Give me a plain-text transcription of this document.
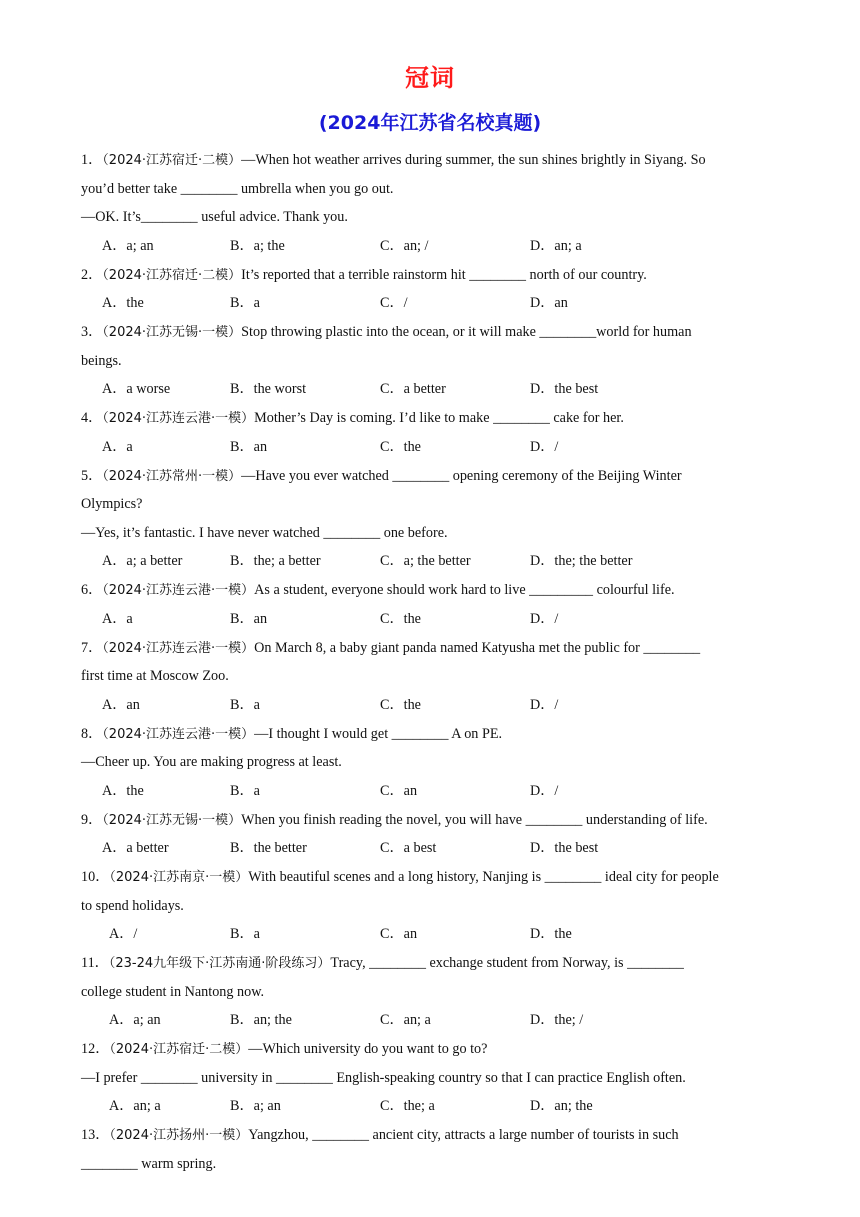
冠词
(2024年江苏省名校真题)
1．（2024·江苏宿迁·二模）—When hot weather arrives during summer, the sun shines brightly in Siyang. So
you’d better take ________ umbrella when you go out.
—OK. It’s________ useful advice. Thank you.
A．a; an	B．a; the	C．an; /	D．an; a
2．（2024·江苏宿迁·二模）It’s reported that a terrible rainstorm hit ________ north of our country.
A．the	B．a	C．/	D．an
3．（2024·江苏无锡·一模）Stop throwing plastic into the ocean, or it will make ________world for human
beings.
A．a worse	B．the worst	C．a better	D．the best
4．（2024·江苏连云港·一模）Mother’s Day is coming. I’d like to make ________ cake for her.
A．a	B．an	C．the	D．/
5．（2024·江苏常州·一模）—Have you ever watched ________ opening ceremony of the Beijing Winter
Olympics?
—Yes, it’s fantastic. I have never watched ________ one before.
A．a; a better	B．the; a better	C．a; the better	D．the; the better
6．（2024·江苏连云港·一模）As a student, everyone should work hard to live _________ colourful life.
A．a	B．an	C．the	D．/
7．（2024·江苏连云港·一模）On March 8, a baby giant panda named Katyusha met the public for ________
first time at Moscow Zoo.
A．an	B．a	C．the	D．/
8．（2024·江苏连云港·一模）—I thought I would get ________ A on PE.
—Cheer up. You are making progress at least.
A．the	B．a	C．an	D．/
9．（2024·江苏无锡·一模）When you finish reading the novel, you will have ________ understanding of life.
A．a better	B．the better	C．a best	D．the best
10．（2024·江苏南京·一模）With beautiful scenes and a long history, Nanjing is ________ ideal city for people
to spend holidays.
A．/	B．a	C．an	D．the
11．（23-24九年级下·江苏南通·阶段练习）Tracy, ________ exchange student from Norway, is ________
college student in Nantong now.
A．a; an	B．an; the	C．an; a	D．the; /
12．（2024·江苏宿迁·二模）—Which university do you want to go to?
—I prefer ________ university in ________ English-speaking country so that I can practice English often.
A．an; a	B．a; an	C．the; a	D．an; the
13．（2024·江苏扬州·一模）Yangzhou, ________ ancient city, attracts a large number of tourists in such
________ warm spring.
